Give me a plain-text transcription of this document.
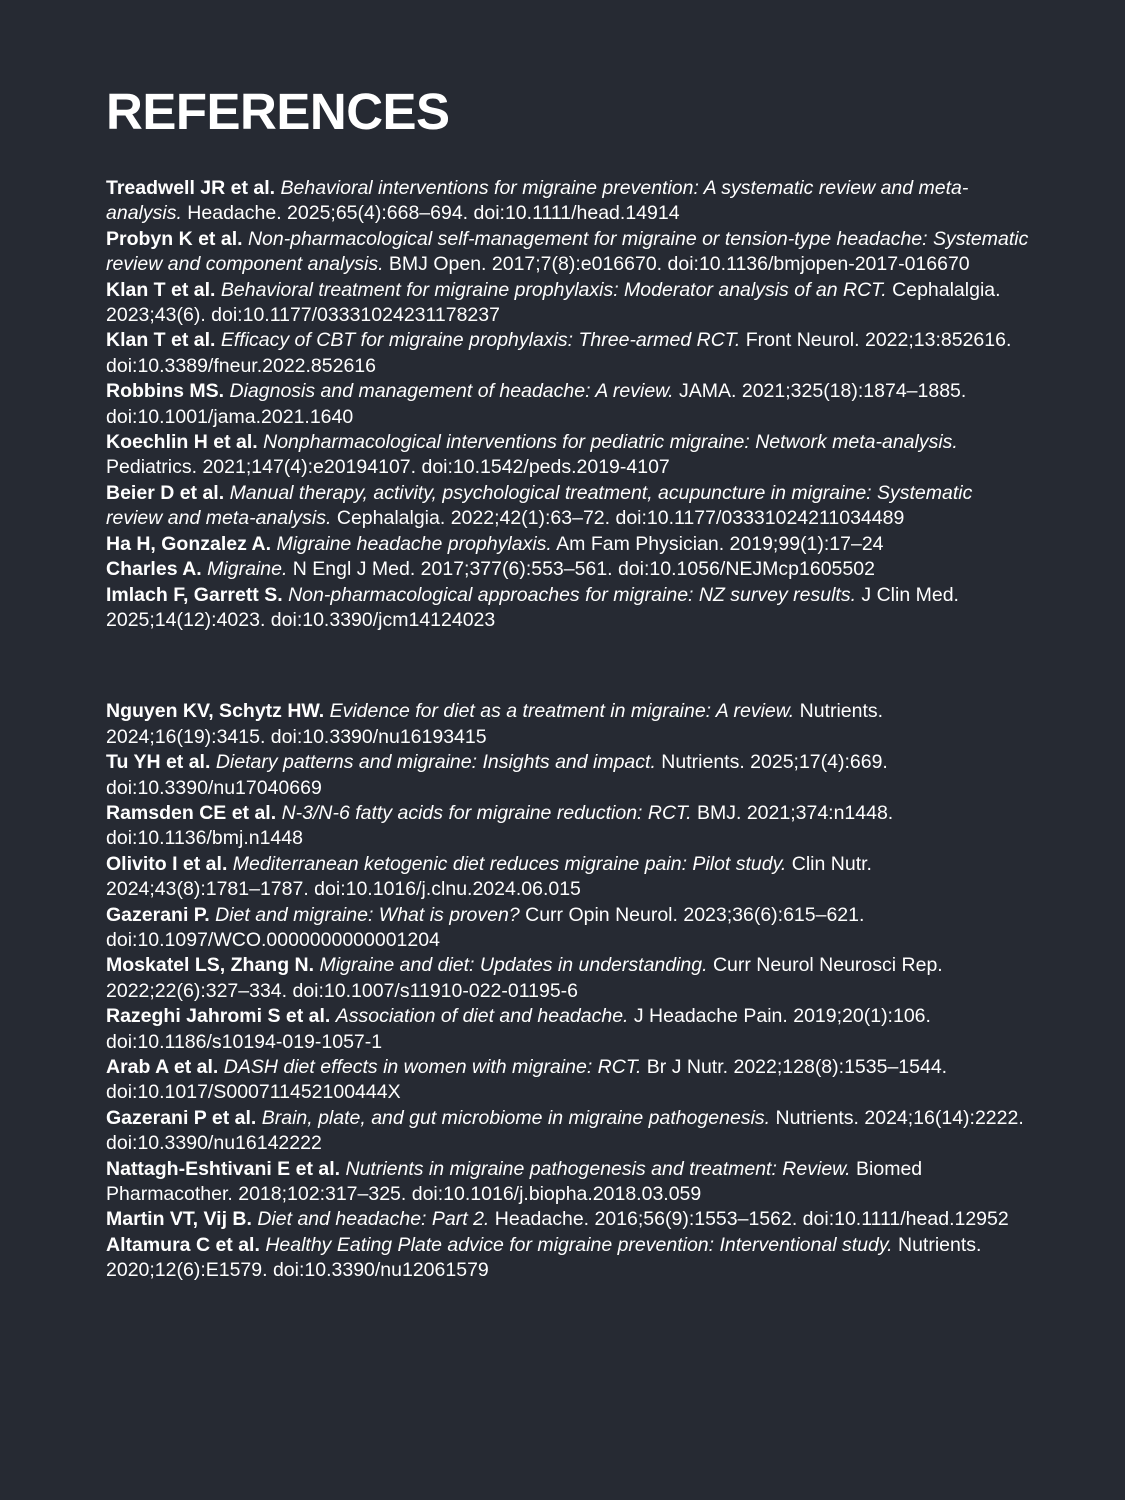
REFERENCES

Treadwell JR et al. Behavioral interventions for migraine prevention: A systematic review and meta-analysis. Headache. 2025;65(4):668–694. doi:10.1111/head.14914

Probyn K et al. Non-pharmacological self-management for migraine or tension-type headache: Systematic review and component analysis. BMJ Open. 2017;7(8):e016670. doi:10.1136/bmjopen-2017-016670

Klan T et al. Behavioral treatment for migraine prophylaxis: Moderator analysis of an RCT. Cephalalgia. 2023;43(6). doi:10.1177/03331024231178237

Klan T et al. Efficacy of CBT for migraine prophylaxis: Three-armed RCT. Front Neurol. 2022;13:852616. doi:10.3389/fneur.2022.852616

Robbins MS. Diagnosis and management of headache: A review. JAMA. 2021;325(18):1874–1885. doi:10.1001/jama.2021.1640

Koechlin H et al. Nonpharmacological interventions for pediatric migraine: Network meta-analysis. Pediatrics. 2021;147(4):e20194107. doi:10.1542/peds.2019-4107

Beier D et al. Manual therapy, activity, psychological treatment, acupuncture in migraine: Systematic review and meta-analysis. Cephalalgia. 2022;42(1):63–72. doi:10.1177/03331024211034489

Ha H, Gonzalez A. Migraine headache prophylaxis. Am Fam Physician. 2019;99(1):17–24

Charles A. Migraine. N Engl J Med. 2017;377(6):553–561. doi:10.1056/NEJMcp1605502

Imlach F, Garrett S. Non-pharmacological approaches for migraine: NZ survey results. J Clin Med. 2025;14(12):4023. doi:10.3390/jcm14124023

Nguyen KV, Schytz HW. Evidence for diet as a treatment in migraine: A review. Nutrients. 2024;16(19):3415. doi:10.3390/nu16193415

Tu YH et al. Dietary patterns and migraine: Insights and impact. Nutrients. 2025;17(4):669. doi:10.3390/nu17040669

Ramsden CE et al. N-3/N-6 fatty acids for migraine reduction: RCT. BMJ. 2021;374:n1448. doi:10.1136/bmj.n1448

Olivito I et al. Mediterranean ketogenic diet reduces migraine pain: Pilot study. Clin Nutr. 2024;43(8):1781–1787. doi:10.1016/j.clnu.2024.06.015

Gazerani P. Diet and migraine: What is proven? Curr Opin Neurol. 2023;36(6):615–621. doi:10.1097/WCO.0000000000001204

Moskatel LS, Zhang N. Migraine and diet: Updates in understanding. Curr Neurol Neurosci Rep. 2022;22(6):327–334. doi:10.1007/s11910-022-01195-6

Razeghi Jahromi S et al. Association of diet and headache. J Headache Pain. 2019;20(1):106. doi:10.1186/s10194-019-1057-1

Arab A et al. DASH diet effects in women with migraine: RCT. Br J Nutr. 2022;128(8):1535–1544. doi:10.1017/S000711452100444X

Gazerani P et al. Brain, plate, and gut microbiome in migraine pathogenesis. Nutrients. 2024;16(14):2222. doi:10.3390/nu16142222

Nattagh-Eshtivani E et al. Nutrients in migraine pathogenesis and treatment: Review. Biomed Pharmacother. 2018;102:317–325. doi:10.1016/j.biopha.2018.03.059

Martin VT, Vij B. Diet and headache: Part 2. Headache. 2016;56(9):1553–1562. doi:10.1111/head.12952

Altamura C et al. Healthy Eating Plate advice for migraine prevention: Interventional study. Nutrients. 2020;12(6):E1579. doi:10.3390/nu12061579
